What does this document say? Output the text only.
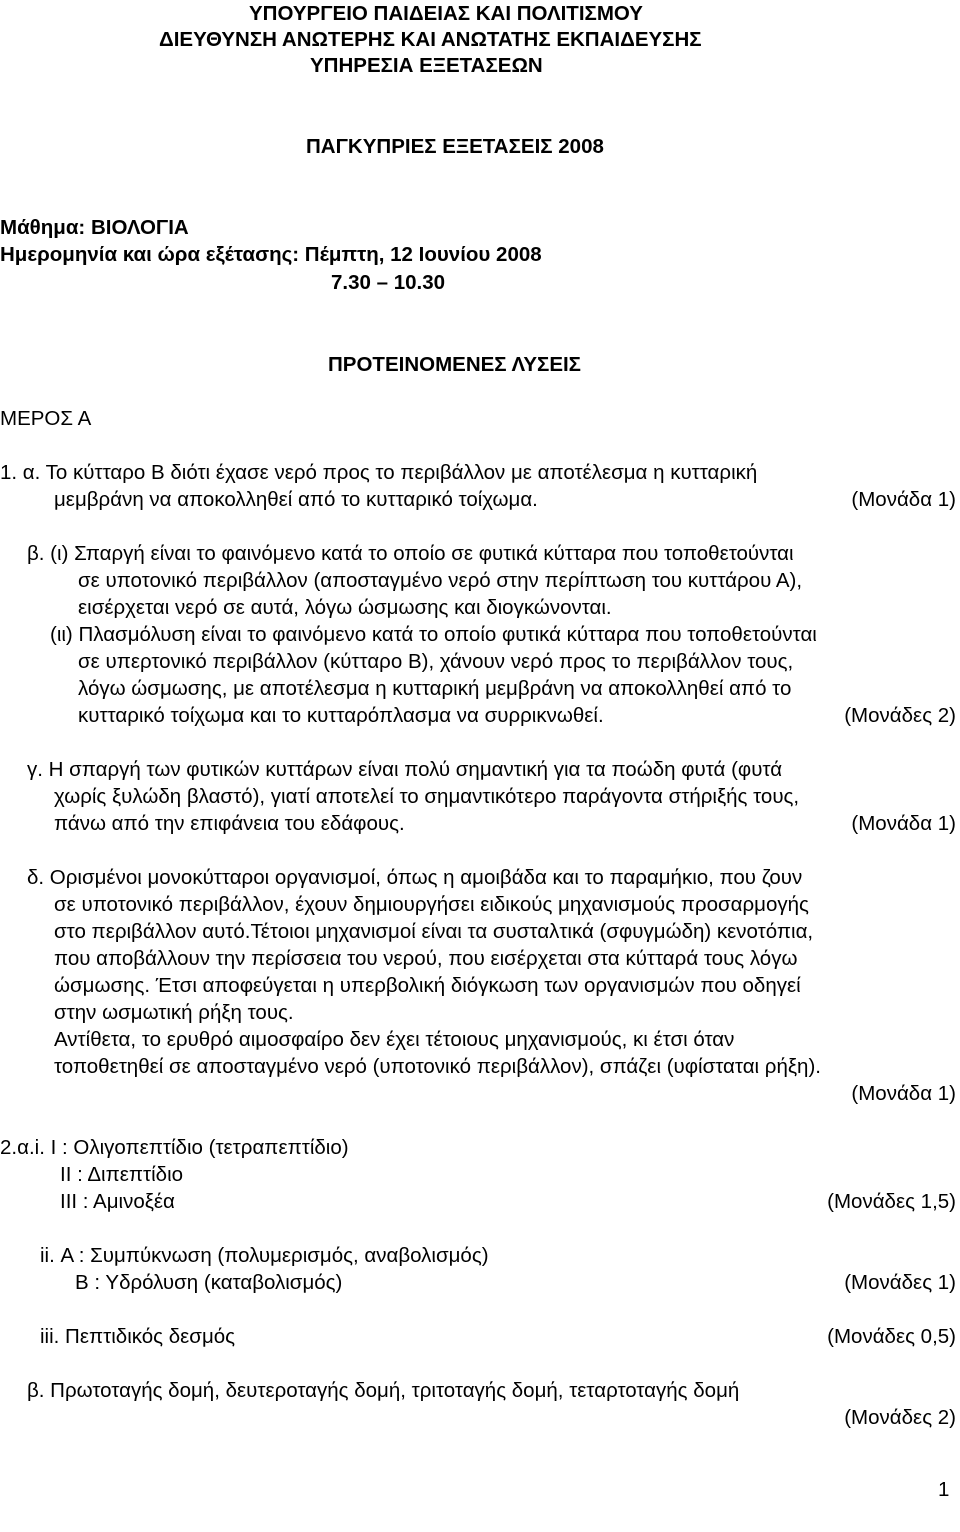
ΥΠΟΥΡΓΕΙΟ ΠΑΙΔΕΙΑΣ ΚΑΙ ΠΟΛΙΤΙΣΜΟΥ
ΔΙΕΥΘΥΝΣΗ ΑΝΩΤΕΡΗΣ ΚΑΙ ΑΝΩΤΑΤΗΣ ΕΚΠΑΙΔΕΥΣΗΣ
ΥΠΗΡΕΣΙΑ ΕΞΕΤΑΣΕΩΝ
ΠΑΓΚΥΠΡΙΕΣ ΕΞΕΤΑΣΕΙΣ 2008
Μάθημα: ΒΙΟΛΟΓΙΑ
Ημερομηνία και ώρα εξέτασης: Πέμπτη, 12 Ιουνίου 2008
7.30 – 10.30
ΠΡΟΤΕΙΝΟΜΕΝΕΣ ΛΥΣΕΙΣ
ΜΕΡΟΣ Α
1. α. Το κύτταρο Β διότι έχασε νερό προς το περιβάλλον με αποτέλεσμα η κυτταρική
μεμβράνη να αποκολληθεί από το κυτταρικό τοίχωμα.	(Μονάδα 1)
β. (ι) Σπαργή είναι το φαινόμενο κατά το οποίο σε φυτικά κύτταρα που τοποθετούνται
σε υποτονικό περιβάλλον (αποσταγμένο νερό στην περίπτωση του κυττάρου Α),
εισέρχεται νερό σε αυτά, λόγω ώσμωσης και διογκώνονται.
(ιι) Πλασμόλυση είναι το φαινόμενο κατά το οποίο φυτικά κύτταρα που τοποθετούνται
σε υπερτονικό περιβάλλον (κύτταρο Β), χάνουν νερό προς το περιβάλλον τους,
λόγω ώσμωσης, με αποτέλεσμα η κυτταρική μεμβράνη να αποκολληθεί από το
κυτταρικό τοίχωμα και το κυτταρόπλασμα να συρρικνωθεί.	(Μονάδες 2)
γ. Η σπαργή των φυτικών κυττάρων είναι πολύ σημαντική για τα ποώδη φυτά (φυτά
χωρίς ξυλώδη βλαστό), γιατί αποτελεί το σημαντικότερο παράγοντα στήριξής τους,
πάνω από την επιφάνεια του εδάφους.	(Μονάδα 1)
δ. Ορισμένοι μονοκύτταροι οργανισμοί, όπως η αμοιβάδα και το παραμήκιο, που ζουν
σε υποτονικό περιβάλλον, έχουν δημιουργήσει ειδικούς μηχανισμούς προσαρμογής
στο περιβάλλον αυτό.Τέτοιοι μηχανισμοί είναι τα συσταλτικά (σφυγμώδη) κενοτόπια,
που αποβάλλουν την περίσσεια του νερού, που εισέρχεται στα κύτταρά τους λόγω
ώσμωσης. Έτσι αποφεύγεται η υπερβολική διόγκωση των οργανισμών που οδηγεί
στην ωσμωτική ρήξη τους.
Αντίθετα, το ερυθρό αιμοσφαίρο δεν έχει τέτοιους μηχανισμούς, κι έτσι όταν
τοποθετηθεί σε αποσταγμένο νερό (υποτονικό περιβάλλον), σπάζει (υφίσταται ρήξη).
(Μονάδα 1)
2.α.i. Ι : Ολιγοπεπτίδιο (τετραπεπτίδιο)
ΙΙ : Διπεπτίδιο
ΙΙΙ : Αμινοξέα	(Μονάδες 1,5)
ii. Α : Συμπύκνωση (πολυμερισμός, αναβολισμός)
Β : Υδρόλυση (καταβολισμός)	(Μονάδες 1)
iii. Πεπτιδικός δεσμός	(Μονάδες 0,5)
β. Πρωτοταγής δομή, δευτεροταγής δομή, τριτοταγής δομή, τεταρτοταγής δομή
(Μονάδες 2)
1
